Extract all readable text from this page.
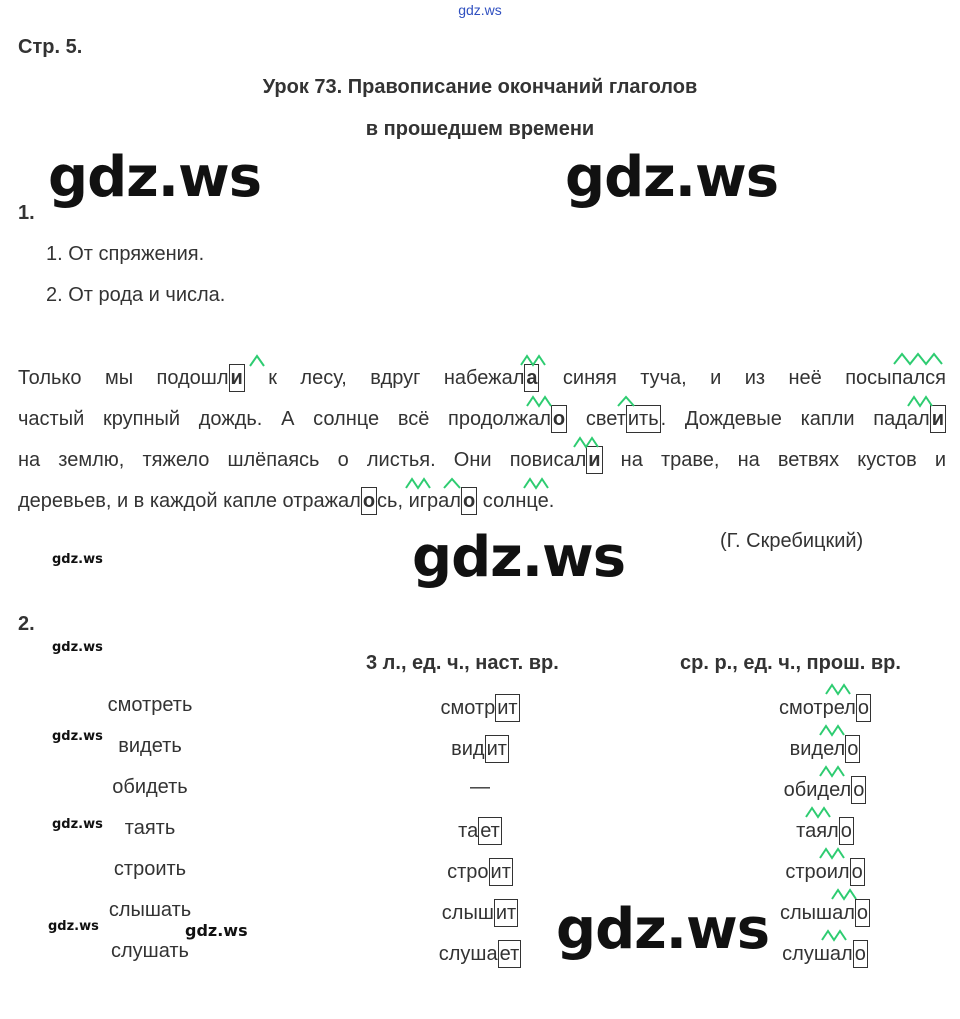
gdz.ws
gdz.ws	gdz.ws
gdz.ws
gdz.ws
gdz.ws
gdz.ws
gdz.ws
gdz.ws
gdz.ws	gdz.ws
Стр. 5.
Урок 73. Правописание окончаний глаголов
в прошедшем времени
1.
1. От спряжения.
2. От рода и числа.
Только мы подошл и к лесу, вдруг набежал а синяя туча, и из неё посыпался
частый крупный дождь. А солнце всё продолжал о свет ить . Дождевые капли падал и
на землю, тяжело шлёпаясь о листья. Они повисал и на траве, на ветвях кустов и
деревьев, и в каждой капле отражал о сь, играл о солнце.
(Г. Скребицкий)
2.
3 л., ед. ч., наст. вр.	ср. р., ед. ч., прош. вр.
смотреть	смотр ит	смотрел о
видеть	вид ит	видел о
обидеть	—	обидел о
таять	та ет	таял о
строить	стро ит	строил о
слышать	слыш ит	слышал о
слушать	слуша ет	слушал о
